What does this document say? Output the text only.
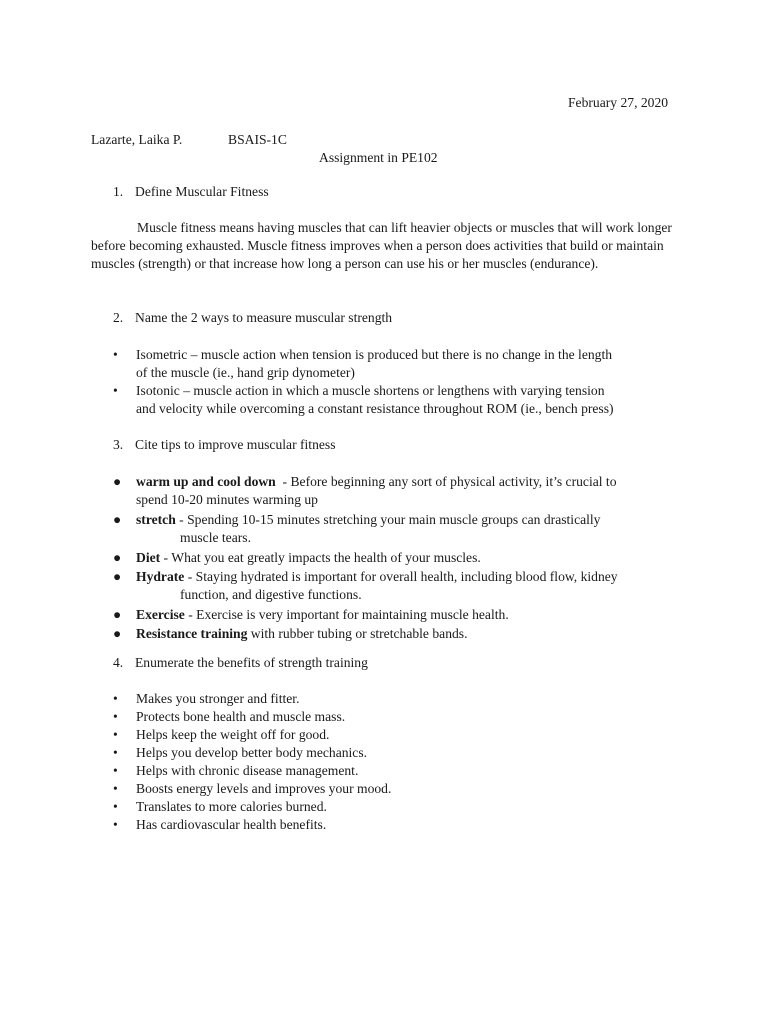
February 27, 2020
Lazarte, Laika P.	BSAIS-1C
Assignment in PE102
1. Define Muscular Fitness

Muscle fitness means having muscles that can lift heavier objects or muscles that will work longer before becoming exhausted. Muscle fitness improves when a person does activities that build or maintain muscles (strength) or that increase how long a person can use his or her muscles (endurance).

2. Name the 2 ways to measure muscular strength
• Isometric – muscle action when tension is produced but there is no change in the length
of the muscle (ie., hand grip dynometer)
• Isotonic – muscle action in which a muscle shortens or lengthens with varying tension
and velocity while overcoming a constant resistance throughout ROM (ie., bench press)
3. Cite tips to improve muscular fitness
● warm up and cool down  - Before beginning any sort of physical activity, it’s crucial to
spend 10-20 minutes warming up
● stretch - Spending 10-15 minutes stretching your main muscle groups can drastically
muscle tears.
● Diet - What you eat greatly impacts the health of your muscles.
● Hydrate - Staying hydrated is important for overall health, including blood flow, kidney
function, and digestive functions.
● Exercise - Exercise is very important for maintaining muscle health.
● Resistance training with rubber tubing or stretchable bands.
4. Enumerate the benefits of strength training
• Makes you stronger and fitter.
• Protects bone health and muscle mass.
• Helps keep the weight off for good.
• Helps you develop better body mechanics.
• Helps with chronic disease management.
• Boosts energy levels and improves your mood.
• Translates to more calories burned.
• Has cardiovascular health benefits.
